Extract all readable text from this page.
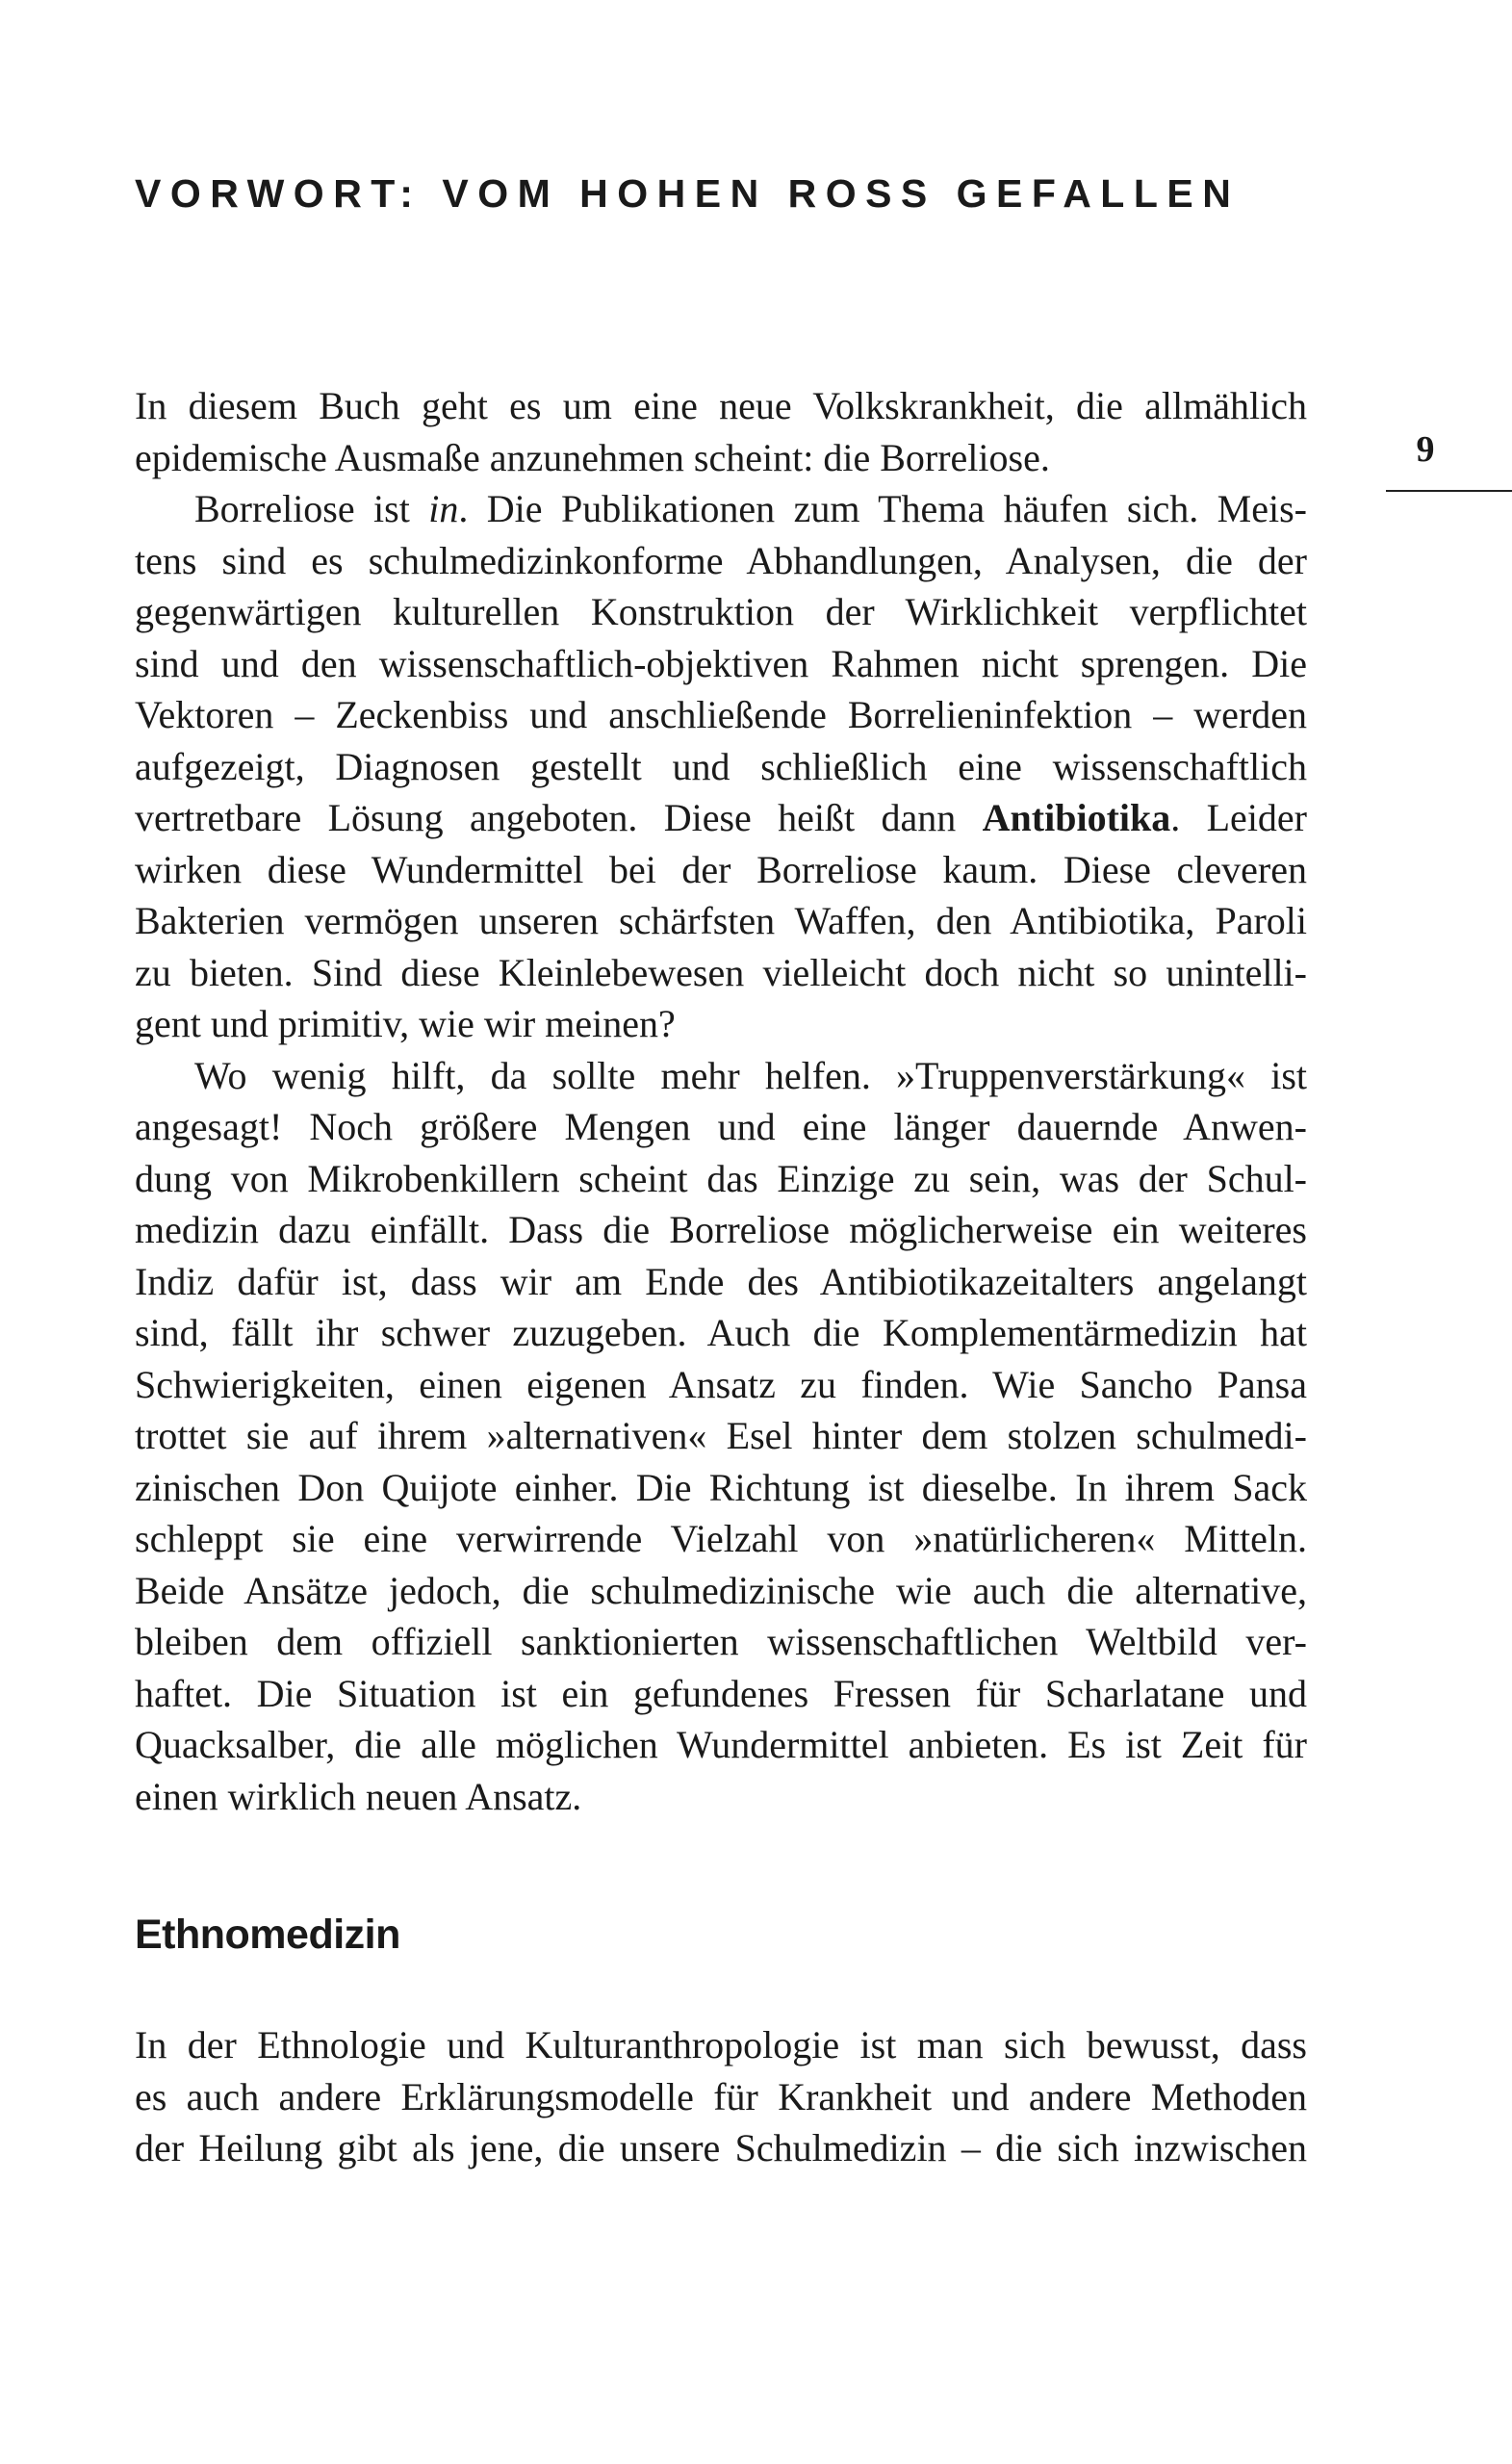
VORWORT: VOM HOHEN ROSS GEFALLEN
9
In diesem Buch geht es um eine neue Volkskrankheit, die allmählich
epidemische Ausmaße anzunehmen scheint: die Borreliose.
Borreliose ist in. Die Publikationen zum Thema häufen sich. Meis-
tens sind es schulmedizinkonforme Abhandlungen, Analysen, die der
gegenwärtigen kulturellen Konstruktion der Wirklichkeit verpflichtet
sind und den wissenschaftlich-objektiven Rahmen nicht sprengen. Die
Vektoren – Zeckenbiss und anschließende Borrelieninfektion – werden
aufgezeigt, Diagnosen gestellt und schließlich eine wissenschaftlich
vertretbare Lösung angeboten. Diese heißt dann Antibiotika. Leider
wirken diese Wundermittel bei der Borreliose kaum. Diese cleveren
Bakterien vermögen unseren schärfsten Waffen, den Antibiotika, Paroli
zu bieten. Sind diese Kleinlebewesen vielleicht doch nicht so unintelli-
gent und primitiv, wie wir meinen?
Wo wenig hilft, da sollte mehr helfen. »Truppenverstärkung« ist
angesagt! Noch größere Mengen und eine länger dauernde Anwen-
dung von Mikrobenkillern scheint das Einzige zu sein, was der Schul-
medizin dazu einfällt. Dass die Borreliose möglicherweise ein weiteres
Indiz dafür ist, dass wir am Ende des Antibiotikazeitalters angelangt
sind, fällt ihr schwer zuzugeben. Auch die Komplementärmedizin hat
Schwierigkeiten, einen eigenen Ansatz zu finden. Wie Sancho Pansa
trottet sie auf ihrem »alternativen« Esel hinter dem stolzen schulmedi-
zinischen Don Quijote einher. Die Richtung ist dieselbe. In ihrem Sack
schleppt sie eine verwirrende Vielzahl von »natürlicheren« Mitteln.
Beide Ansätze jedoch, die schulmedizinische wie auch die alternative,
bleiben dem offiziell sanktionierten wissenschaftlichen Weltbild ver-
haftet. Die Situation ist ein gefundenes Fressen für Scharlatane und
Quacksalber, die alle möglichen Wundermittel anbieten. Es ist Zeit für
einen wirklich neuen Ansatz.
Ethnomedizin
In der Ethnologie und Kulturanthropologie ist man sich bewusst, dass
es auch andere Erklärungsmodelle für Krankheit und andere Methoden
der Heilung gibt als jene, die unsere Schulmedizin – die sich inzwischen
